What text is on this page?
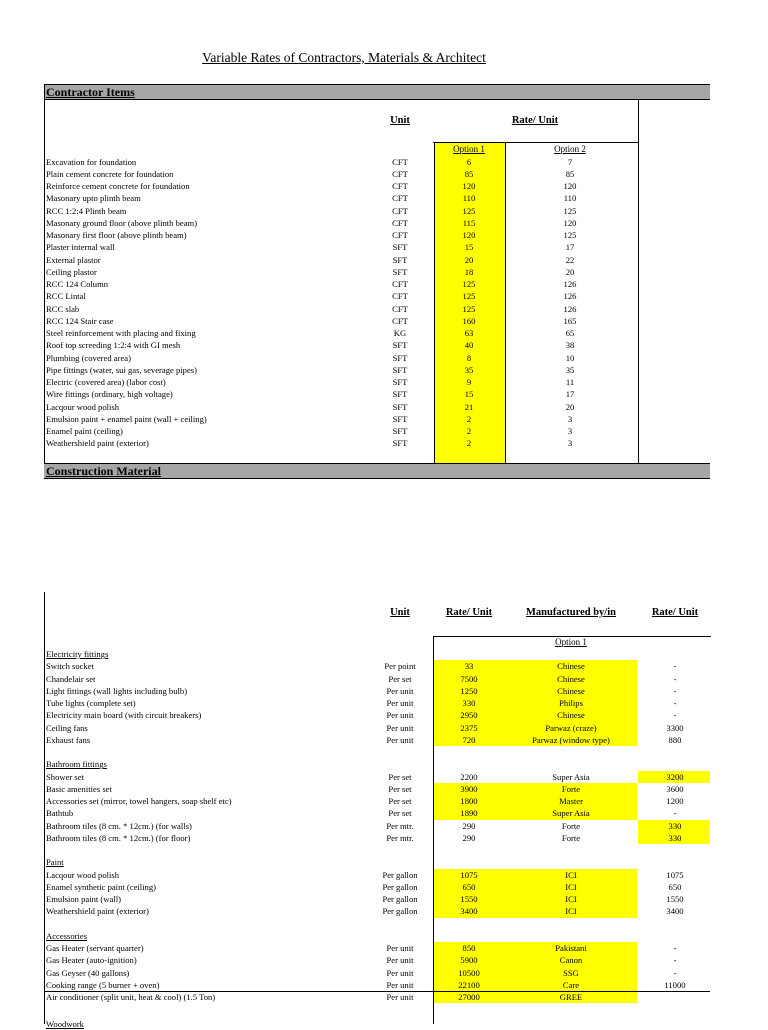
Variable Rates of Contractors, Materials & Architect
Contractor Items
Unit	Rate/ Unit
Option 1	Option 2
Excavation for foundation	CFT	6	7
Plain cement concrete for foundation	CFT	85	85
Reinforce cement concrete for foundation	CFT	120	120
Masonary upto plinth beam	CFT	110	110
RCC 1:2:4 Plinth beam	CFT	125	125
Masonary ground floor (above plinth beam)	CFT	115	120
Masonary first floor (above plinth beam)	CFT	120	125
Plaster internal wall	SFT	15	17
External plastor	SFT	20	22
Ceiling plastor	SFT	18	20
RCC 124 Column	CFT	125	126
RCC Lintal	CFT	125	126
RCC slab	CFT	125	126
RCC 124 Stair case	CFT	160	165
Steel reinforcement with placing and fixing	KG	63	65
Roof top screeding 1:2:4 with GI mesh	SFT	40	38
Plumbing (covered area)	SFT	8	10
Pipe fittings (water, sui gas, severage pipes)	SFT	35	35
Electric (covered area) (labor cost)	SFT	9	11
Wire fittings (ordinary, high voltage)	SFT	15	17
Lacqour wood polish	SFT	21	20
Emulsion paint + enamel paint (wall + ceiling)	SFT	2	3
Enamel paint (ceiling)	SFT	2	3
Weathershield paint (exterior)	SFT	2	3
Construction Material
Unit	Rate/ Unit	Manufactured by/in	Rate/ Unit
Option 1
Electricity fittings
Switch socket	Per point	33	Chinese	-
Chandelair set	Per set	7500	Chinese	-
Light fittings (wall lights including bulb)	Per unit	1250	Chinese	-
Tube lights (complete set)	Per unit	330	Philips	-
Electricity main board (with circuit breakers)	Per unit	2950	Chinese	-
Ceiling fans	Per unit	2375	Parwaz (craze)	3300
Exhaust fans	Per unit	720	Parwaz (window type)	880
Bathroom fittings
Shower set	Per set	2200	Super Asia	3200
Basic amenities set	Per set	3900	Forte	3600
Accessories set (mirror, towel hangers, soap shelf etc)	Per set	1800	Master	1200
Bathtub	Per set	1890	Super Asia	-
Bathroom tiles (8 cm. * 12cm.) (for walls)	Per mtr.	290	Forte	330
Bathroom tiles (8 cm. * 12cm.) (for floor)	Per mtr.	290	Forte	330
Paint
Lacqour wood polish	Per gallon	1075	ICI	1075
Enamel synthetic paint (ceiling)	Per gallon	650	ICI	650
Emulsion paint (wall)	Per gallon	1550	ICI	1550
Weathershield paint (exterior)	Per gallon	3400	ICI	3400
Accessories
Gas Heater (servant quarter)	Per unit	850	Pakistani	-
Gas Heater (auto-ignition)	Per unit	5900	Canon	-
Gas Geyser (40 gallons)	Per unit	10500	SSG	-
Cooking range (5 burner + oven)	Per unit	22100	Care	11000
Air conditioner (split unit, heat & cool) (1.5 Ton)	Per unit	27000	GREE
Woodwork
